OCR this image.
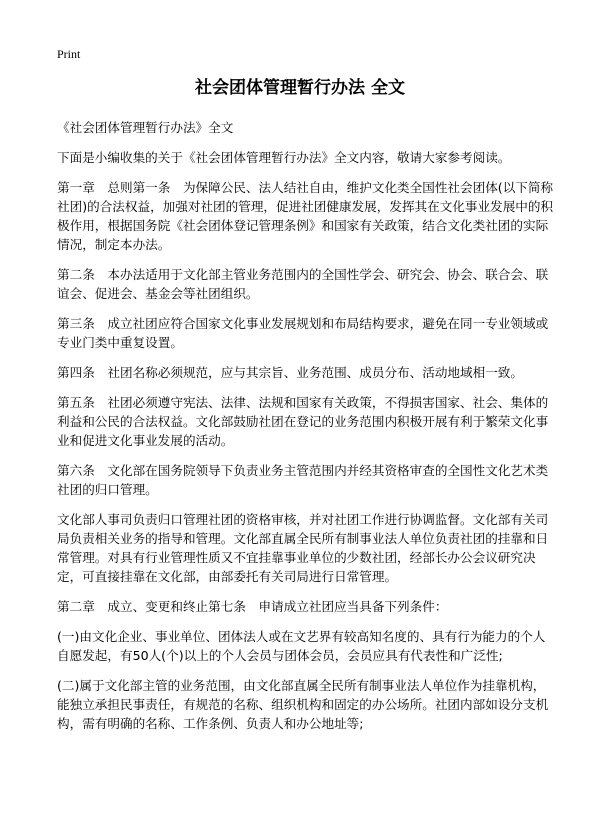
Print
社会团体管理暂行办法 全文

《社会团体管理暂行办法》全文

下面是小编收集的关于《社会团体管理暂行办法》全文内容，敬请大家参考阅读。

第一章　总则第一条　为保障公民、法人结社自由，维护文化类全国性社会团体(以下简称社团)的合法权益，加强对社团的管理，促进社团健康发展，发挥其在文化事业发展中的积极作用，根据国务院《社会团体登记管理条例》和国家有关政策，结合文化类社团的实际情况，制定本办法。

第二条　本办法适用于文化部主管业务范围内的全国性学会、研究会、协会、联合会、联谊会、促进会、基金会等社团组织。

第三条　成立社团应符合国家文化事业发展规划和布局结构要求，避免在同一专业领域或专业门类中重复设置。

第四条　社团名称必须规范，应与其宗旨、业务范围、成员分布、活动地域相一致。

第五条　社团必须遵守宪法、法律、法规和国家有关政策，不得损害国家、社会、集体的利益和公民的合法权益。文化部鼓励社团在登记的业务范围内积极开展有利于繁荣文化事业和促进文化事业发展的活动。

第六条　文化部在国务院领导下负责业务主管范围内并经其资格审查的全国性文化艺术类社团的归口管理。

文化部人事司负责归口管理社团的资格审核，并对社团工作进行协调监督。文化部有关司局负责相关业务的指导和管理。文化部直属全民所有制事业法人单位负责社团的挂靠和日常管理。对具有行业管理性质又不宜挂靠事业单位的少数社团，经部长办公会议研究决定，可直接挂靠在文化部，由部委托有关司局进行日常管理。

第二章　成立、变更和终止第七条　申请成立社团应当具备下列条件：

(一)由文化企业、事业单位、团体法人或在文艺界有较高知名度的、具有行为能力的个人自愿发起，有50人(个)以上的个人会员与团体会员，会员应具有代表性和广泛性;

(二)属于文化部主管的业务范围，由文化部直属全民所有制事业法人单位作为挂靠机构，能独立承担民事责任，有规范的名称、组织机构和固定的办公场所。社团内部如设分支机构，需有明确的名称、工作条例、负责人和办公地址等;
